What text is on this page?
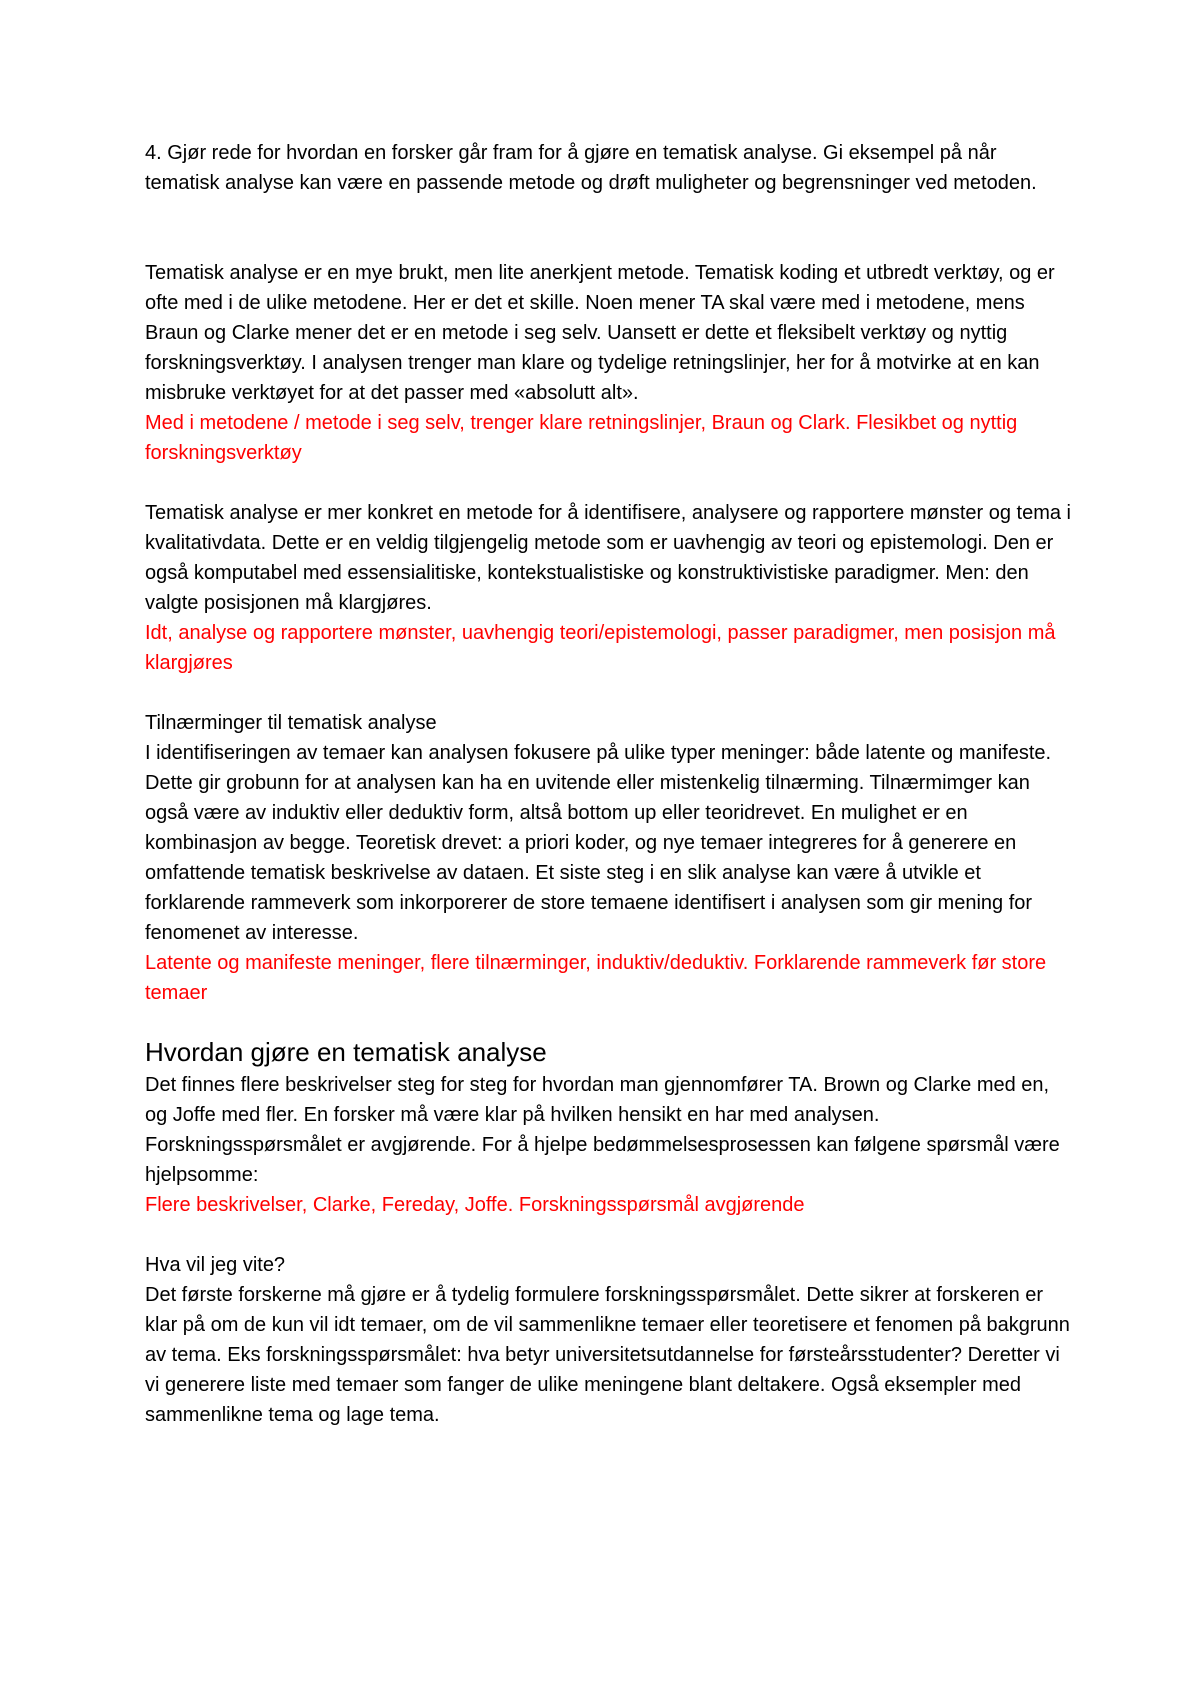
4. Gjør rede for hvordan en forsker går fram for å gjøre en tematisk analyse. Gi eksempel på når tematisk analyse kan være en passende metode og drøft muligheter og begrensninger ved metoden.

Tematisk analyse er en mye brukt, men lite anerkjent metode. Tematisk koding et utbredt verktøy, og er ofte med i de ulike metodene. Her er det et skille. Noen mener TA skal være med i metodene, mens Braun og Clarke mener det er en metode i seg selv. Uansett er dette et fleksibelt verktøy og nyttig forskningsverktøy. I analysen trenger man klare og tydelige retningslinjer, her for å motvirke at en kan misbruke verktøyet for at det passer med «absolutt alt».

Med i metodene / metode i seg selv, trenger klare retningslinjer, Braun og Clark. Flesikbet og nyttig forskningsverktøy

Tematisk analyse er mer konkret en metode for å identifisere, analysere og rapportere mønster og tema i kvalitativdata. Dette er en veldig tilgjengelig metode som er uavhengig av teori og epistemologi. Den er også komputabel med essensialitiske, kontekstualistiske og konstruktivistiske paradigmer. Men: den valgte posisjonen må klargjøres.

Idt, analyse og rapportere mønster, uavhengig teori/epistemologi, passer paradigmer, men posisjon må klargjøres

Tilnærminger til tematisk analyse

I identifiseringen av temaer kan analysen fokusere på ulike typer meninger: både latente og manifeste. Dette gir grobunn for at analysen kan ha en uvitende eller mistenkelig tilnærming. Tilnærmimger kan også være av induktiv eller deduktiv form, altså bottom up eller teoridrevet. En mulighet er en kombinasjon av begge. Teoretisk drevet: a priori koder, og nye temaer integreres for å generere en omfattende tematisk beskrivelse av dataen. Et siste steg i en slik analyse kan være å utvikle et forklarende rammeverk som inkorporerer de store temaene identifisert i analysen som gir mening for fenomenet av interesse.

Latente og manifeste meninger, flere tilnærminger, induktiv/deduktiv. Forklarende rammeverk før store temaer

Hvordan gjøre en tematisk analyse

Det finnes flere beskrivelser steg for steg for hvordan man gjennomfører TA. Brown og Clarke med en, og Joffe med fler. En forsker må være klar på hvilken hensikt en har med analysen. Forskningsspørsmålet er avgjørende. For å hjelpe bedømmelsesprosessen kan følgene spørsmål være hjelpsomme:

Flere beskrivelser, Clarke, Fereday, Joffe. Forskningsspørsmål avgjørende

Hva vil jeg vite?

Det første forskerne må gjøre er å tydelig formulere forskningsspørsmålet. Dette sikrer at forskeren er klar på om de kun vil idt temaer, om de vil sammenlikne temaer eller teoretisere et fenomen på bakgrunn av tema. Eks forskningsspørsmålet: hva betyr universitetsutdannelse for førsteårsstudenter? Deretter vi vi generere liste med temaer som fanger de ulike meningene blant deltakere. Også eksempler med sammenlikne tema og lage tema.
